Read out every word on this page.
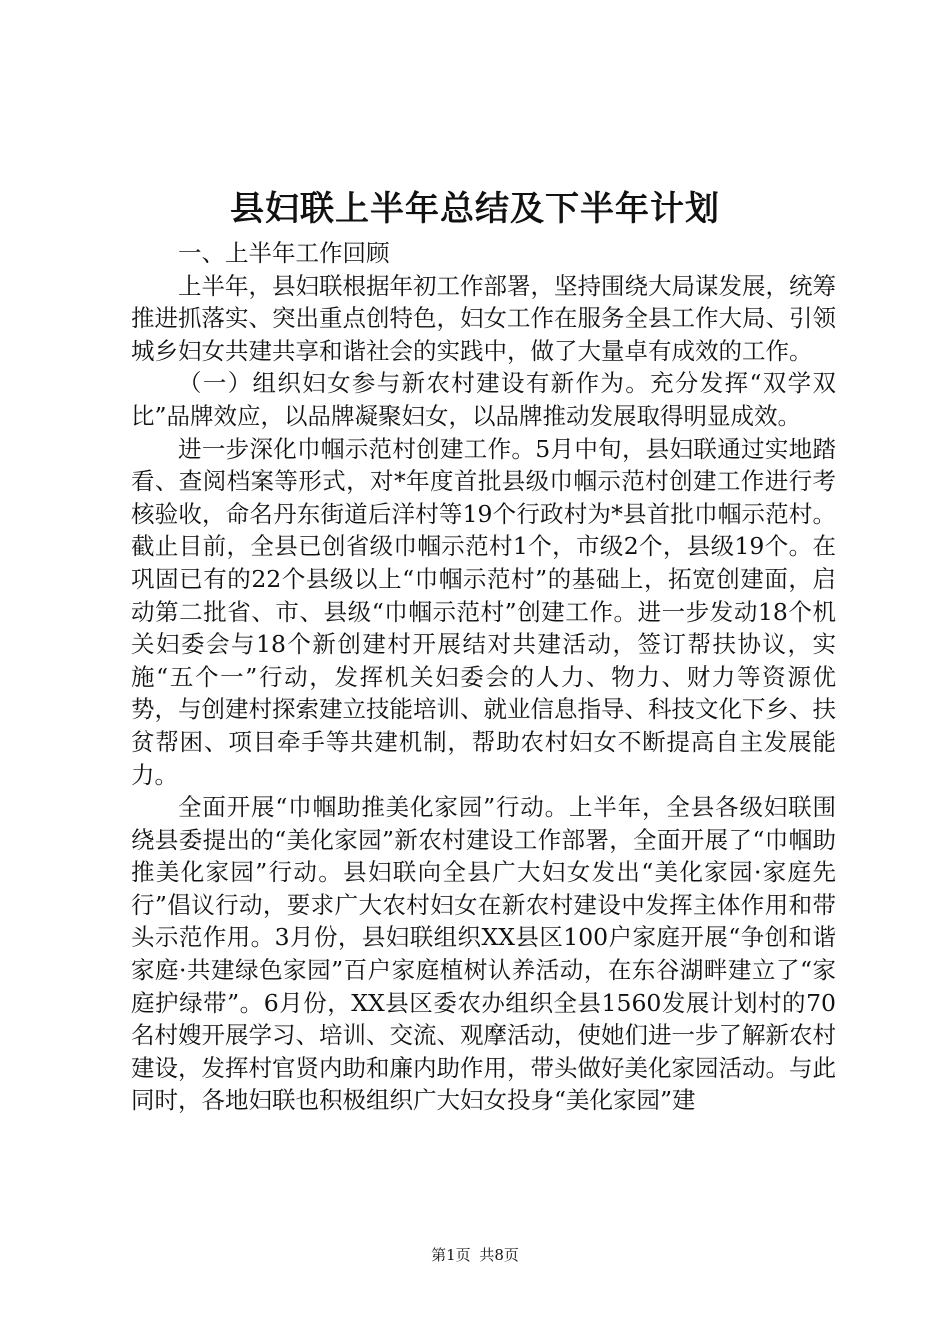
县妇联上半年总结及下半年计划

一、上半年工作回顾

上半年，县妇联根据年初工作部署，坚持围绕大局谋发展，统筹推进抓落实、突出重点创特色，妇女工作在服务全县工作大局、引领城乡妇女共建共享和谐社会的实践中，做了大量卓有成效的工作。

（一）组织妇女参与新农村建设有新作为。充分发挥“双学双比”品牌效应，以品牌凝聚妇女，以品牌推动发展取得明显成效。

进一步深化巾帼示范村创建工作。5月中旬，县妇联通过实地踏看、查阅档案等形式，对*年度首批县级巾帼示范村创建工作进行考核验收，命名丹东街道后洋村等19个行政村为*县首批巾帼示范村。截止目前，全县已创省级巾帼示范村1个，市级2个，县级19个。在巩固已有的22个县级以上“巾帼示范村”的基础上，拓宽创建面，启动第二批省、市、县级“巾帼示范村”创建工作。进一步发动18个机关妇委会与18个新创建村开展结对共建活动，签订帮扶协议，实施“五个一”行动，发挥机关妇委会的人力、物力、财力等资源优势，与创建村探索建立技能培训、就业信息指导、科技文化下乡、扶贫帮困、项目牵手等共建机制，帮助农村妇女不断提高自主发展能力。

全面开展“巾帼助推美化家园”行动。上半年，全县各级妇联围绕县委提出的“美化家园”新农村建设工作部署，全面开展了“巾帼助推美化家园”行动。县妇联向全县广大妇女发出“美化家园·家庭先行”倡议行动，要求广大农村妇女在新农村建设中发挥主体作用和带头示范作用。3月份，县妇联组织XX县区100户家庭开展“争创和谐家庭·共建绿色家园”百户家庭植树认养活动，在东谷湖畔建立了“家庭护绿带”。6月份，XX县区委农办组织全县1560发展计划村的70名村嫂开展学习、培训、交流、观摩活动，使她们进一步了解新农村建设，发挥村官贤内助和廉内助作用，带头做好美化家园活动。与此同时，各地妇联也积极组织广大妇女投身“美化家园”建

第1页 共8页
